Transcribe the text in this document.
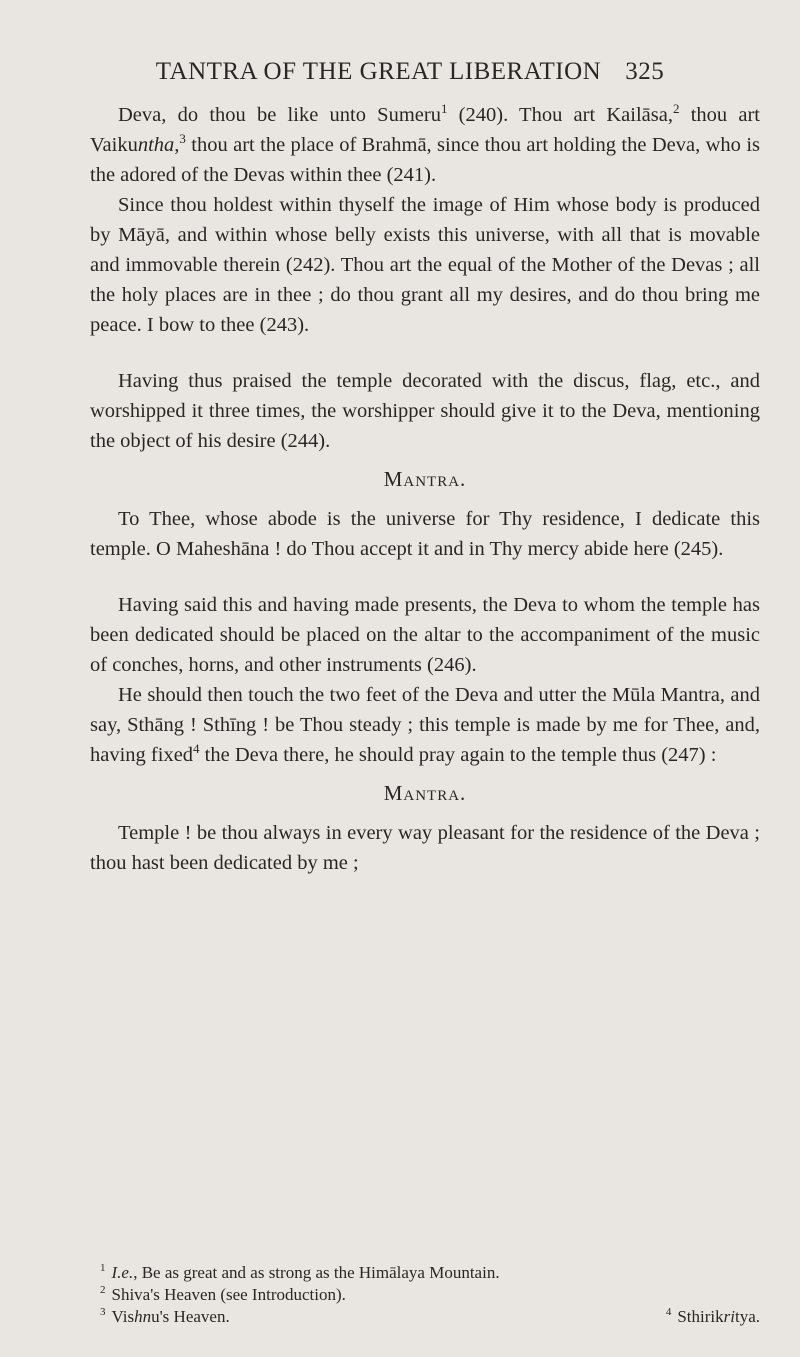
TANTRA OF THE GREAT LIBERATION 325

Deva, do thou be like unto Sumeru$^1$ (240). Thou art Kailāsa,$^2$ thou art Vaikuntha,$^3$ thou art the place of Brahmā, since thou art holding the Deva, who is the adored of the Devas within thee (241).

Since thou holdest within thyself the image of Him whose body is produced by Māyā, and within whose belly exists this universe, with all that is movable and immovable therein (242). Thou art the equal of the Mother of the Devas ; all the holy places are in thee ; do thou grant all my desires, and do thou bring me peace. I bow to thee (243).

Having thus praised the temple decorated with the discus, flag, etc., and worshipped it three times, the worshipper should give it to the Deva, mentioning the object of his desire (244).

Mantra.

To Thee, whose abode is the universe for Thy residence, I dedicate this temple. O Maheshāna ! do Thou accept it and in Thy mercy abide here (245).

Having said this and having made presents, the Deva to whom the temple has been dedicated should be placed on the altar to the accompaniment of the music of conches, horns, and other instruments (246).

He should then touch the two feet of the Deva and utter the Mūla Mantra, and say, Sthāng ! Sthīng ! be Thou steady ; this temple is made by me for Thee, and, having fixed$^4$ the Deva there, he should pray again to the temple thus (247) :

Mantra.

Temple ! be thou always in every way pleasant for the residence of the Deva ; thou hast been dedicated by me ;

$^1$ I.e., Be as great and as strong as the Himālaya Mountain.
$^2$ Shiva's Heaven (see Introduction).
$^3$ Vishnu's Heaven.	$^4$ Sthirikritya.
